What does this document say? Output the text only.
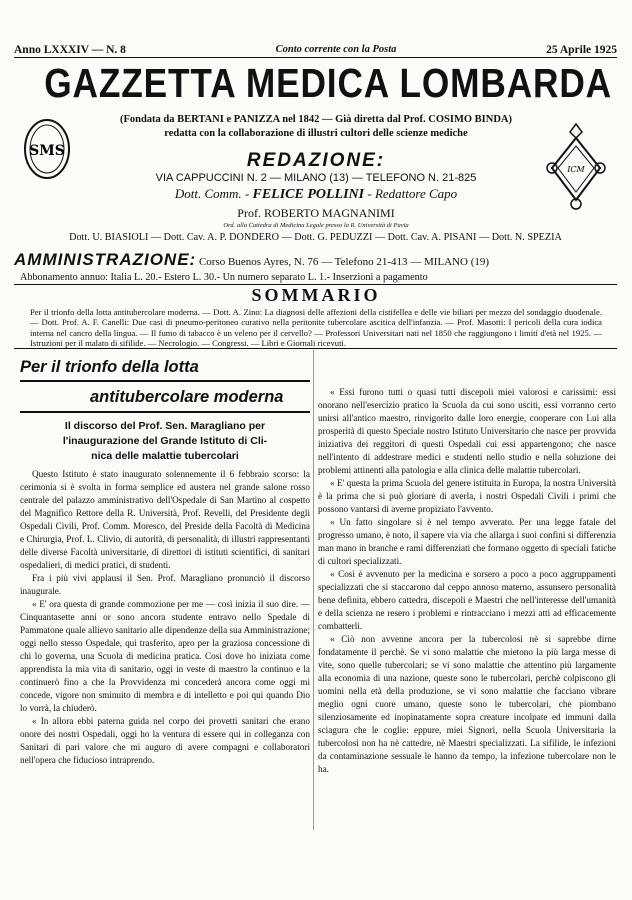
Anno LXXXIV — N. 8	Conto corrente con la Posta	25 Aprile 1925
GAZZETTA MEDICA LOMBARDA
(Fondata da BERTANI e PANIZZA nel 1842 — Già diretta dal Prof. COSIMO BINDA)
redatta con la collaborazione di illustri cultori delle scienze mediche
SMS
ICM
REDAZIONE:
VIA CAPPUCCINI N. 2 — MILANO (13) — TELEFONO N. 21-825
Dott. Comm. - FELICE POLLINI - Redattore Capo
Prof. ROBERTO MAGNANIMI
Ord. alla Cattedra di Medicina Legale presso la R. Università di Pavia
Dott. U. BIASIOLI — Dott. Cav. A. P. DONDERO — Dott. G. PEDUZZI — Dott. Cav. A. PISANI — Dott. N. SPEZIA
AMMINISTRAZIONE: Corso Buenos Ayres, N. 76 — Telefono 21-413 — MILANO (19)
Abbonamento annuo: Italia L. 20.- Estero L. 30.- Un numero separato L. 1.- Inserzioni a pagamento
SOMMARIO
Per il trionfo della lotta antitubercolare moderna. — Dott. A. Zino: La diagnosi delle affezioni della cistifellea e delle vie biliari per mezzo del sondaggio duodenale. — Dott. Prof. A. F. Canelli: Due casi di pneumo-peritoneo curativo nella peritonite tubercolare ascitica dell'infanzia. — Prof. Masotti: I pericoli della cura iodica interna nel cancro della lingua. — Il fumo di tabacco è un veleno per il cervello? — Professori Universitari nati nel 1850 che raggiungono i limiti d'età nel 1925. — Istruzioni per il malato di sifilide. — Necrologio. — Congressi. — Libri e Giornali ricevuti.
Per il trionfo della lotta
antitubercolare moderna
Il discorso del Prof. Sen. Maragliano per
l'inaugurazione del Grande Istituto di Cli-
nica delle malattie tubercolari

Questo Istituto è stato inaugurato solennemente il 6 febbraio scorso: la cerimonia si è svolta in forma semplice ed austera nel grande salone rosso centrale del palazzo amministrativo dell'Ospedale di San Martino al cospetto del Magnifico Rettore della R. Università, Prof. Revelli, del Presidente degli Ospedali Civili, Prof. Comm. Moresco, del Preside della Facoltà di Medicina e Chirurgia, Prof. L. Clivio, di autorità, di personalità, di illustri rappresentanti delle diverse Facoltà universitarie, di direttori di istituti scientifici, di sanitari ospedalieri, di medici pratici, di studenti.

Fra i più vivi applausi il Sen. Prof. Maragliano pronunciò il discorso inaugurale.

« E' ora questa di grande commozione per me — così inizia il suo dire. — Cinquantasette anni or sono ancora studente entravo nello Spedale di Pammatone quale allievo sanitario alle dipendenze della sua Amministrazione; oggi nello stesso Ospedale, qui trasferito, apro per la graziosa concessione di chi lo governa, una Scuola di medicina pratica. Così dove ho iniziata come apprendista la mia vita di sanitario, oggi in veste di maestro la continuo e la continuerò fino a che la Provvidenza mi concederà ancora come oggi mi concede, vigore non sminuito di membra e di intelletto e poi qui quando Dio lo vorrà, la chiuderò.

« In allora ebbi paterna guida nel corpo dei provetti sanitari che erano onore dei nostri Ospedali, oggi ho la ventura di essere qui in colleganza con Sanitari di pari valore che mi auguro di avere compagni e collaboratori nell'opera che fiducioso intraprendo.

« Essi furono tutti o quasi tutti discepoli miei valorosi e carissimi: essi onorano nell'esercizio pratico la Scuola da cui sono usciti, essi vorranno certo unirsi all'antico maestro, rinvigorito dalle loro energie, cooperare con Lui alla prosperità di questo Speciale nostro Istituto Universitario che nasce per provvida iniziativa dei reggitori di questi Ospedali cui essi appartengono; che nasce nell'intento di addestrare medici e studenti nello studio e nella soluzione dei problemi attinenti alla patologia e alla clinica delle malattie tubercolari.

« E' questa la prima Scuola del genere istituita in Europa, la nostra Università è la prima che si può gloriare di averla, i nostri Ospedali Civili i primi che possono vantarsi di averne propiziato l'avvento.

« Un fatto singolare si è nel tempo avverato. Per una legge fatale del progresso umano, è noto, il sapere via via che allarga i suoi confini si differenzia man mano in branche e rami differenziati che formano oggetto di speciali fatiche di cultori specializzati.

« Così è avvenuto per la medicina e sorsero a poco a poco aggruppamenti specializzati che si staccarono dal ceppo annoso materno, assunsero personalità bene definita, ebbero cattedra, discepoli e Maestri che nell'interesse dell'umanità e della scienza ne resero i problemi e rintracciano i mezzi atti ad efficacemente combatterli.

« Ciò non avvenne ancora per la tubercolosi nè si saprebbe dirne fondatamente il perchè. Se vi sono malattie che mietono la più larga messe di vite, sono quelle tubercolari; se vi sono malattie che attentino più largamente alla economia di una nazione, queste sono le tubercolari, perchè colpiscono gli uomini nella età della produzione, se vi sono malattie che facciano vibrare meglio ogni cuore umano, queste sono le tubercolari, che piombano silenziosamente ed inopinatamente sopra creature incolpate ed immuni dalla sciagura che le coglie: eppure, miei Signori, nella Scuola Universitaria la tubercolosi non ha nè cattedre, nè Maestri specializzati. La sifilide, le infezioni da contaminazione sessuale le hanno da tempo, la infezione tubercolare non le ha.
